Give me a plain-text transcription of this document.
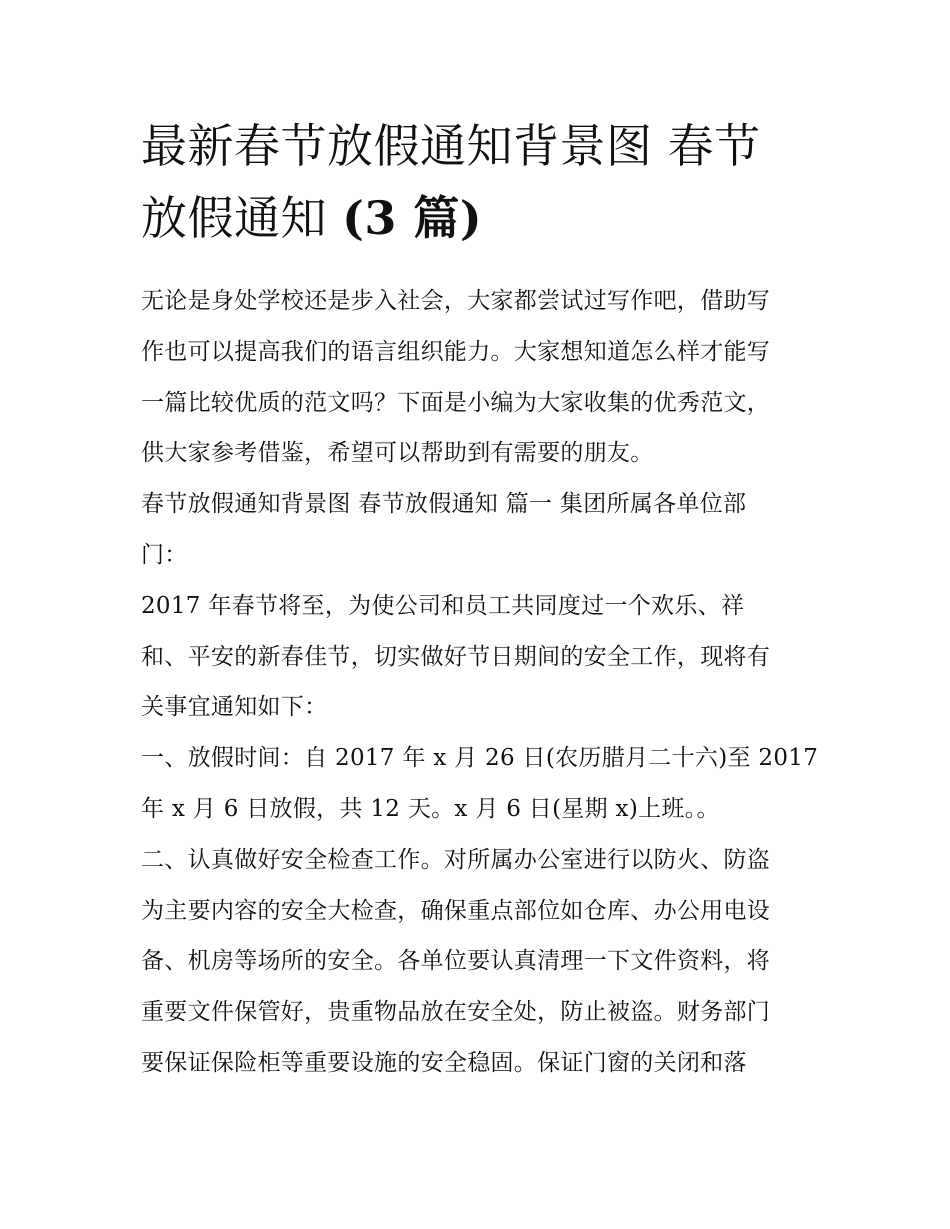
最新春节放假通知背景图 春节
放假通知 (3 篇)
无论是身处学校还是步入社会，大家都尝试过写作吧，借助写
作也可以提高我们的语言组织能力。大家想知道怎么样才能写
一篇比较优质的范文吗？下面是小编为大家收集的优秀范文，
供大家参考借鉴，希望可以帮助到有需要的朋友。
春节放假通知背景图 春节放假通知 篇一 集团所属各单位部
门：
2017 年春节将至，为使公司和员工共同度过一个欢乐、祥
和、平安的新春佳节，切实做好节日期间的安全工作，现将有
关事宜通知如下：
一、放假时间：自 2017 年 x 月 26 日(农历腊月二十六)至 2017
年 x 月 6 日放假，共 12 天。x 月 6 日(星期 x)上班。。
二、认真做好安全检查工作。对所属办公室进行以防火、防盗
为主要内容的安全大检查，确保重点部位如仓库、办公用电设
备、机房等场所的安全。各单位要认真清理一下文件资料，将
重要文件保管好，贵重物品放在安全处，防止被盗。财务部门
要保证保险柜等重要设施的安全稳固。保证门窗的关闭和落
